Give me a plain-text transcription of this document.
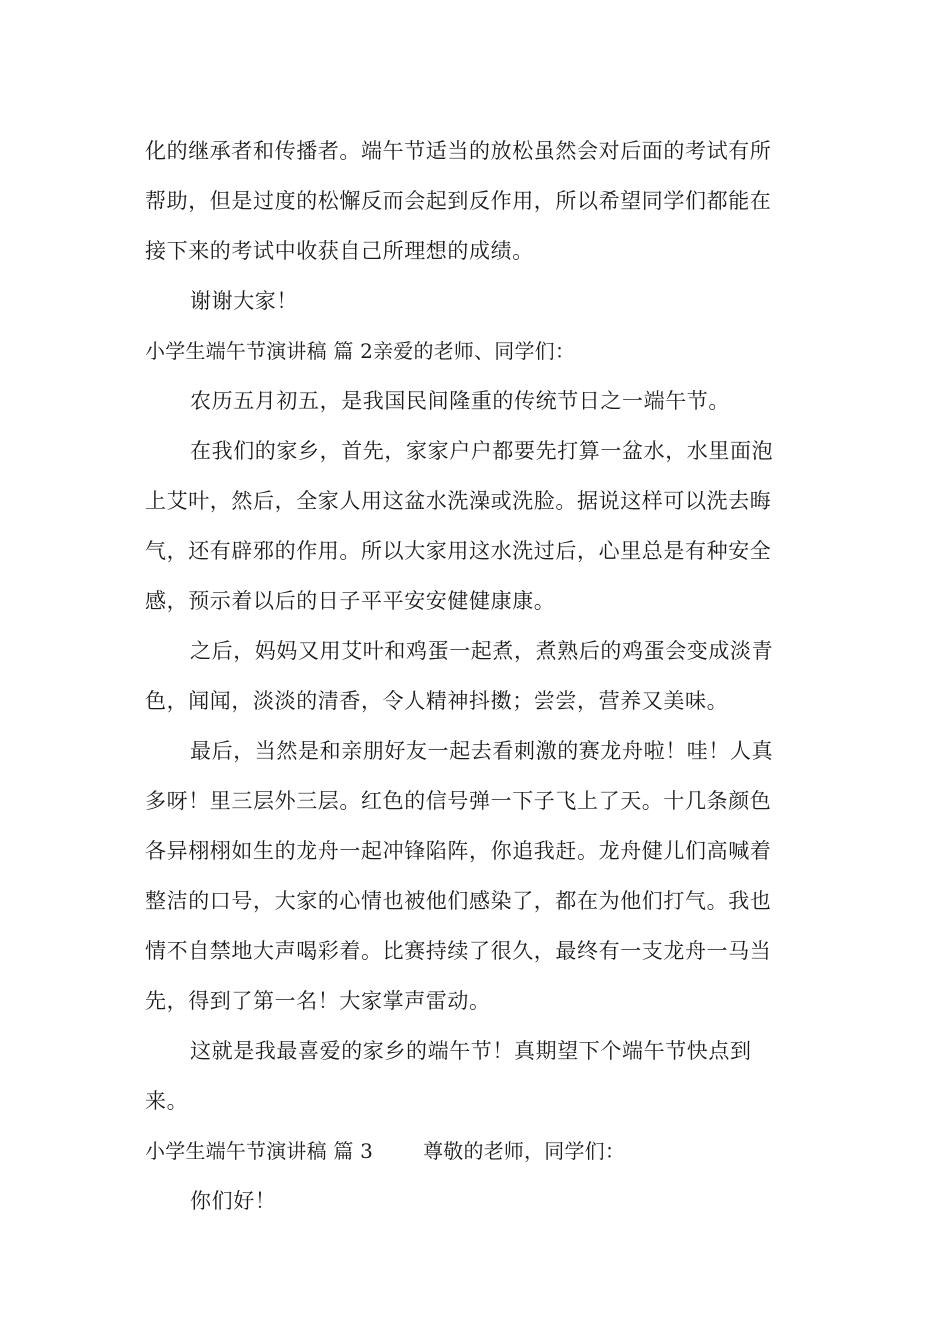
化的继承者和传播者。端午节适当的放松虽然会对后面的考试有所
帮助，但是过度的松懈反而会起到反作用，所以希望同学们都能在
接下来的考试中收获自己所理想的成绩。
谢谢大家！
小学生端午节演讲稿 篇 2亲爱的老师、同学们：
农历五月初五，是我国民间隆重的传统节日之一端午节。
在我们的家乡，首先，家家户户都要先打算一盆水，水里面泡
上艾叶，然后，全家人用这盆水洗澡或洗脸。据说这样可以洗去晦
气，还有辟邪的作用。所以大家用这水洗过后，心里总是有种安全
感，预示着以后的日子平平安安健健康康。
之后，妈妈又用艾叶和鸡蛋一起煮，煮熟后的鸡蛋会变成淡青
色，闻闻，淡淡的清香，令人精神抖擞；尝尝，营养又美味。
最后，当然是和亲朋好友一起去看刺激的赛龙舟啦！哇！人真
多呀！里三层外三层。红色的信号弹一下子飞上了天。十几条颜色
各异栩栩如生的龙舟一起冲锋陷阵，你追我赶。龙舟健儿们高喊着
整洁的口号，大家的心情也被他们感染了，都在为他们打气。我也
情不自禁地大声喝彩着。比赛持续了很久，最终有一支龙舟一马当
先，得到了第一名！大家掌声雷动。
这就是我最喜爱的家乡的端午节！真期望下个端午节快点到
来。
小学生端午节演讲稿 篇 3	尊敬的老师，同学们：
你们好！
